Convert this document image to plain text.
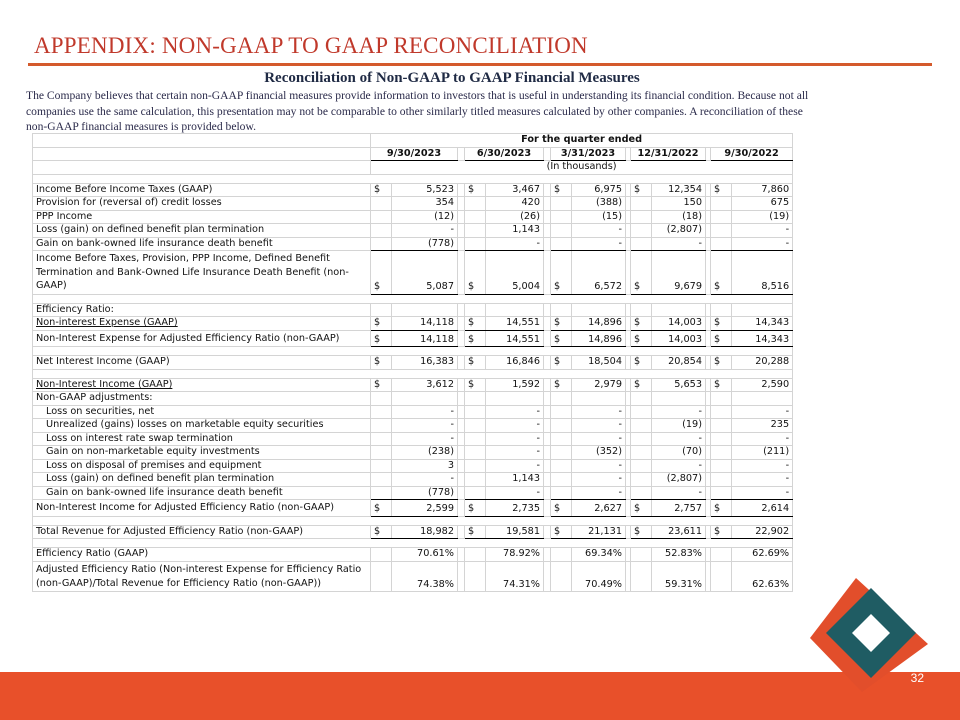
APPENDIX: NON-GAAP TO GAAP RECONCILIATION
Reconciliation of Non-GAAP to GAAP Financial Measures

The Company believes that certain non-GAAP financial measures provide information to investors that is useful in understanding its financial condition. Because not all companies use the same calculation, this presentation may not be comparable to other similarly titled measures calculated by other companies. A reconciliation of these non-GAAP financial measures is provided below.

	For the quarter ended													
	9/30/2023			6/30/2023			3/31/2023			12/31/2022			9/30/2022	
	(In thousands)													

Income Before Income Taxes (GAAP)	$	5,523		$	3,467		$	6,975		$	12,354		$	7,860
Provision for (reversal of) credit losses		354			420			(388)			150			675
PPP Income		(12)			(26)			(15)			(18)			(19)
Loss (gain) on defined benefit plan termination		-			1,143			-			(2,807)			-
Gain on bank-owned life insurance death benefit		(778)			-			-			-			-
Income Before Taxes, Provision, PPP Income, Defined Benefit Termination and Bank-Owned Life Insurance Death Benefit (non-GAAP)	$	5,087		$	5,004		$	6,572		$	9,679		$	8,516

Efficiency Ratio:														
Non-interest Expense (GAAP)	$	14,118		$	14,551		$	14,896		$	14,003		$	14,343
Non-Interest Expense for Adjusted Efficiency Ratio (non-GAAP)	$	14,118		$	14,551		$	14,896		$	14,003		$	14,343

Net Interest Income (GAAP)	$	16,383		$	16,846		$	18,504		$	20,854		$	20,288

Non-Interest Income (GAAP)	$	3,612		$	1,592		$	2,979		$	5,653		$	2,590
Non-GAAP adjustments:														
Loss on securities, net		-			-			-			-			-
Unrealized (gains) losses on marketable equity securities		-			-			-			(19)			235
Loss on interest rate swap termination		-			-			-			-			-
Gain on non-marketable equity investments		(238)			-			(352)			(70)			(211)
Loss on disposal of premises and equipment		3			-			-			-			-
Loss (gain) on defined benefit plan termination		-			1,143			-			(2,807)			-
Gain on bank-owned life insurance death benefit		(778)			-			-			-			-
Non-Interest Income for Adjusted Efficiency Ratio (non-GAAP)	$	2,599		$	2,735		$	2,627		$	2,757		$	2,614

Total Revenue for Adjusted Efficiency Ratio (non-GAAP)	$	18,982		$	19,581		$	21,131		$	23,611		$	22,902

Efficiency Ratio (GAAP)		70.61%			78.92%			69.34%			52.83%			62.69%
Adjusted Efficiency Ratio (Non-interest Expense for Efficiency Ratio (non-GAAP)/Total Revenue for Efficiency Ratio (non-GAAP))		74.38%			74.31%			70.49%			59.31%			62.63%
32
